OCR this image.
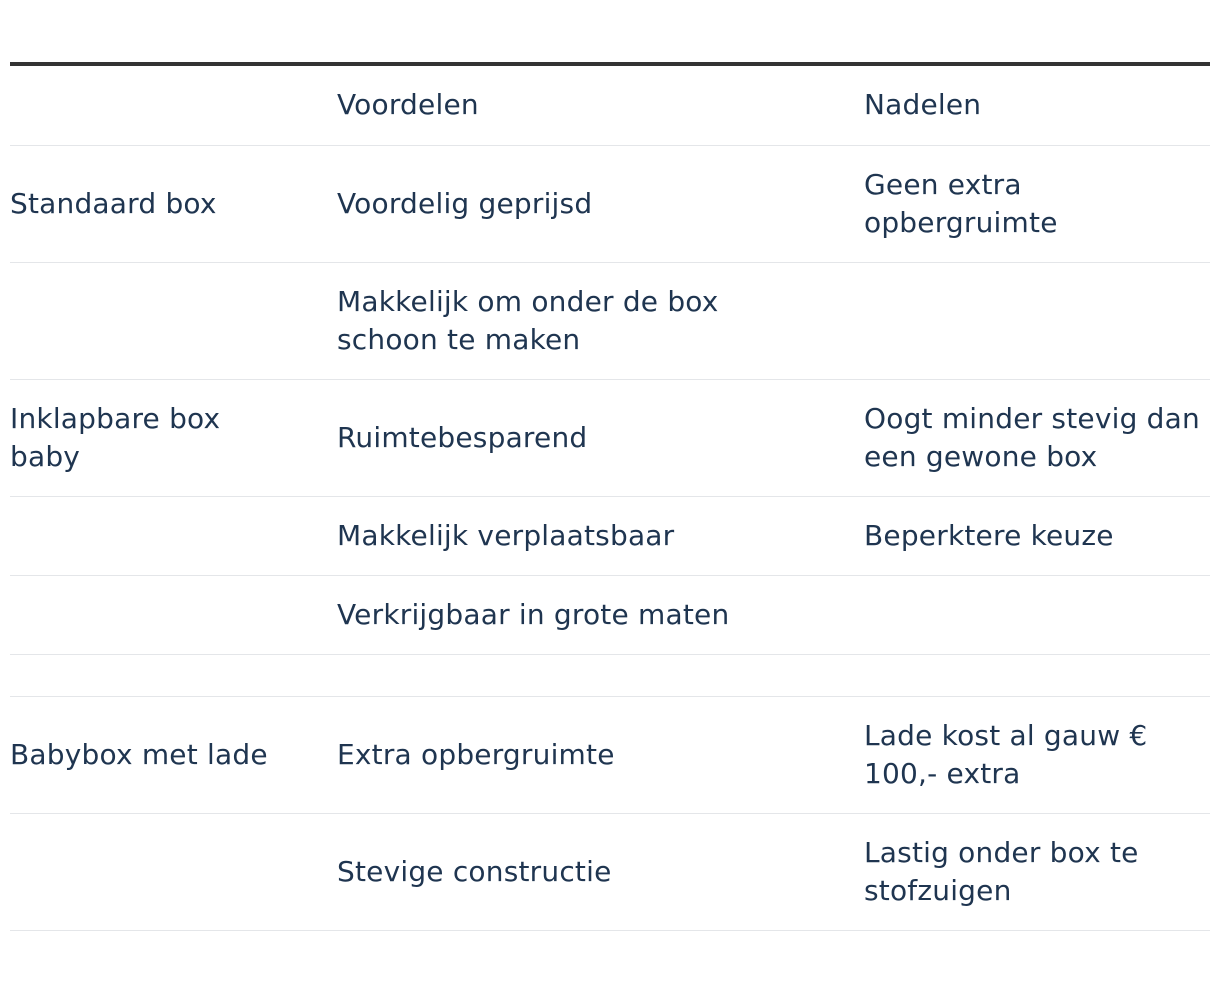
	Voordelen	Nadelen
Standaard box	Voordelig geprijsd	Geen extra opbergruimte
	Makkelijk om onder de box schoon te maken	
Inklapbare box baby	Ruimtebesparend	Oogt minder stevig dan een gewone box
	Makkelijk verplaatsbaar	Beperktere keuze
	Verkrijgbaar in grote maten	

Babybox met lade	Extra opbergruimte	Lade kost al gauw € 100,- extra
	Stevige constructie	Lastig onder box te stofzuigen
